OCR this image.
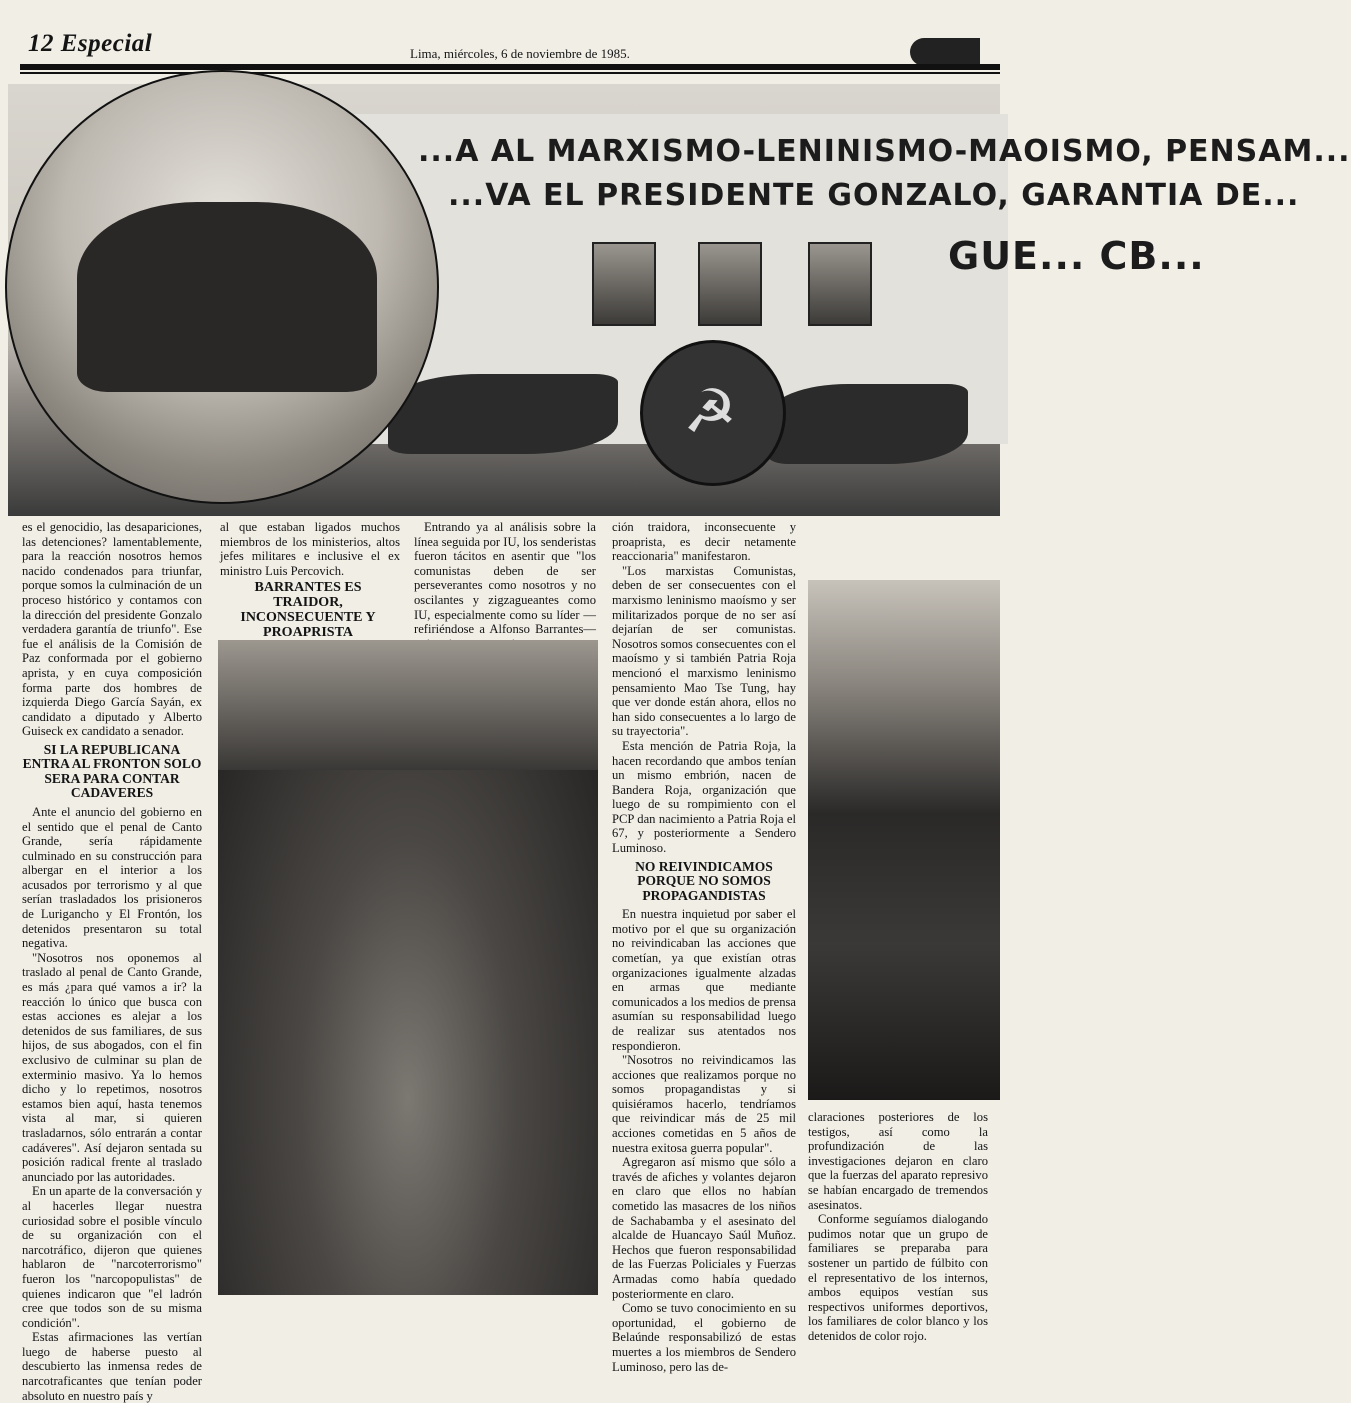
12 Especial	Lima, miércoles, 6 de noviembre de 1985.
...A AL MARXISMO-LENINISMO-MAOISMO, PENSAM...
...VA EL PRESIDENTE GONZALO, GARANTIA DE...
GUE... CB...
☭

es el genocidio, las desapariciones, las detenciones? lamentablemente, para la reacción nosotros hemos nacido condenados para triunfar, porque somos la culminación de un proceso histórico y contamos con la dirección del presidente Gonzalo verdadera garantía de triunfo". Ese fue el análisis de la Comisión de Paz conformada por el gobierno aprista, y en cuya composición forma parte dos hombres de izquierda Diego García Sayán, ex candidato a diputado y Alberto Guiseck ex candidato a senador.

SI LA REPUBLICANA ENTRA AL FRONTON SOLO SERA PARA CONTAR CADAVERES

Ante el anuncio del gobierno en el sentido que el penal de Canto Grande, sería rápidamente culminado en su construcción para albergar en el interior a los acusados por terrorismo y al que serían trasladados los prisioneros de Lurigancho y El Frontón, los detenidos presentaron su total negativa.

"Nosotros nos oponemos al traslado al penal de Canto Grande, es más ¿para qué vamos a ir? la reacción lo único que busca con estas acciones es alejar a los detenidos de sus familiares, de sus hijos, de sus abogados, con el fin exclusivo de culminar su plan de exterminio masivo. Ya lo hemos dicho y lo repetimos, nosotros estamos bien aquí, hasta tenemos vista al mar, si quieren trasladarnos, sólo entrarán a contar cadáveres". Así dejaron sentada su posición radical frente al traslado anunciado por las autoridades.

En un aparte de la conversación y al hacerles llegar nuestra curiosidad sobre el posible vínculo de su organización con el narcotráfico, dijeron que quienes hablaron de "narcoterrorismo" fueron los "narcopopulistas" de quienes indicaron que "el ladrón cree que todos son de su misma condición".

Estas afirmaciones las vertían luego de haberse puesto al descubierto las inmensa redes de narcotraficantes que tenían poder absoluto en nuestro país y

al que estaban ligados muchos miembros de los ministerios, altos jefes militares e inclusive el ex ministro Luis Percovich.

BARRANTES ES TRAIDOR, INCONSECUENTE Y PROAPRISTA

Entrando ya al análisis sobre la línea seguida por IU, los senderistas fueron tácitos en asentir que "los comunistas deben de ser perseverantes como nosotros y no oscilantes y zigzagueantes como IU, especialmente como su líder —refiriéndose a Alfonso Barrantes—

ción traidora, inconsecuente y proaprista, es decir netamente reaccionaria" manifestaron.

"Los marxistas Comunistas, deben de ser consecuentes con el marxismo leninismo maoísmo y ser militarizados porque de no ser así dejarían de ser comunistas. Nosotros somos consecuentes con el maoísmo y si también Patria Roja mencionó el marxismo leninismo pensamiento Mao Tse Tung, hay que ver donde están ahora, ellos no han sido consecuentes a lo largo de su trayectoria".

Esta mención de Patria Roja, la hacen recordando que ambos tenían un mismo embrión, nacen de Bandera Roja, organización que luego de su rompimiento con el PCP dan nacimiento a Patria Roja el 67, y posteriormente a Sendero Luminoso.

NO REIVINDICAMOS PORQUE NO SOMOS PROPAGANDISTAS

En nuestra inquietud por saber el motivo por el que su organización no reivindicaban las acciones que cometían, ya que existían otras organizaciones igualmente alzadas en armas que mediante comunicados a los medios de prensa asumían su responsabilidad luego de realizar sus atentados nos respondieron.

"Nosotros no reivindicamos las acciones que realizamos porque no somos propagandistas y si quisiéramos hacerlo, tendríamos que reivindicar más de 25 mil acciones cometidas en 5 años de nuestra exitosa guerra popular".

Agregaron así mismo que sólo a través de afiches y volantes dejaron en claro que ellos no habían cometido las masacres de los niños de Sachabamba y el asesinato del alcalde de Huancayo Saúl Muñoz. Hechos que fueron responsabilidad de las Fuerzas Policiales y Fuerzas Armadas como había quedado posteriormente en claro.

Como se tuvo conocimiento en su oportunidad, el gobierno de Belaúnde responsabilizó de estas muertes a los miembros de Sendero Luminoso, pero las de-

claraciones posteriores de los testigos, así como la profundización de las investigaciones dejaron en claro que la fuerzas del aparato represivo se habían encargado de tremendos asesinatos.

Conforme seguíamos dialogando pudimos notar que un grupo de familiares se preparaba para sostener un partido de fúlbito con el representativo de los internos, ambos equipos vestían sus respectivos uniformes deportivos, los familiares de color blanco y los detenidos de color rojo.
